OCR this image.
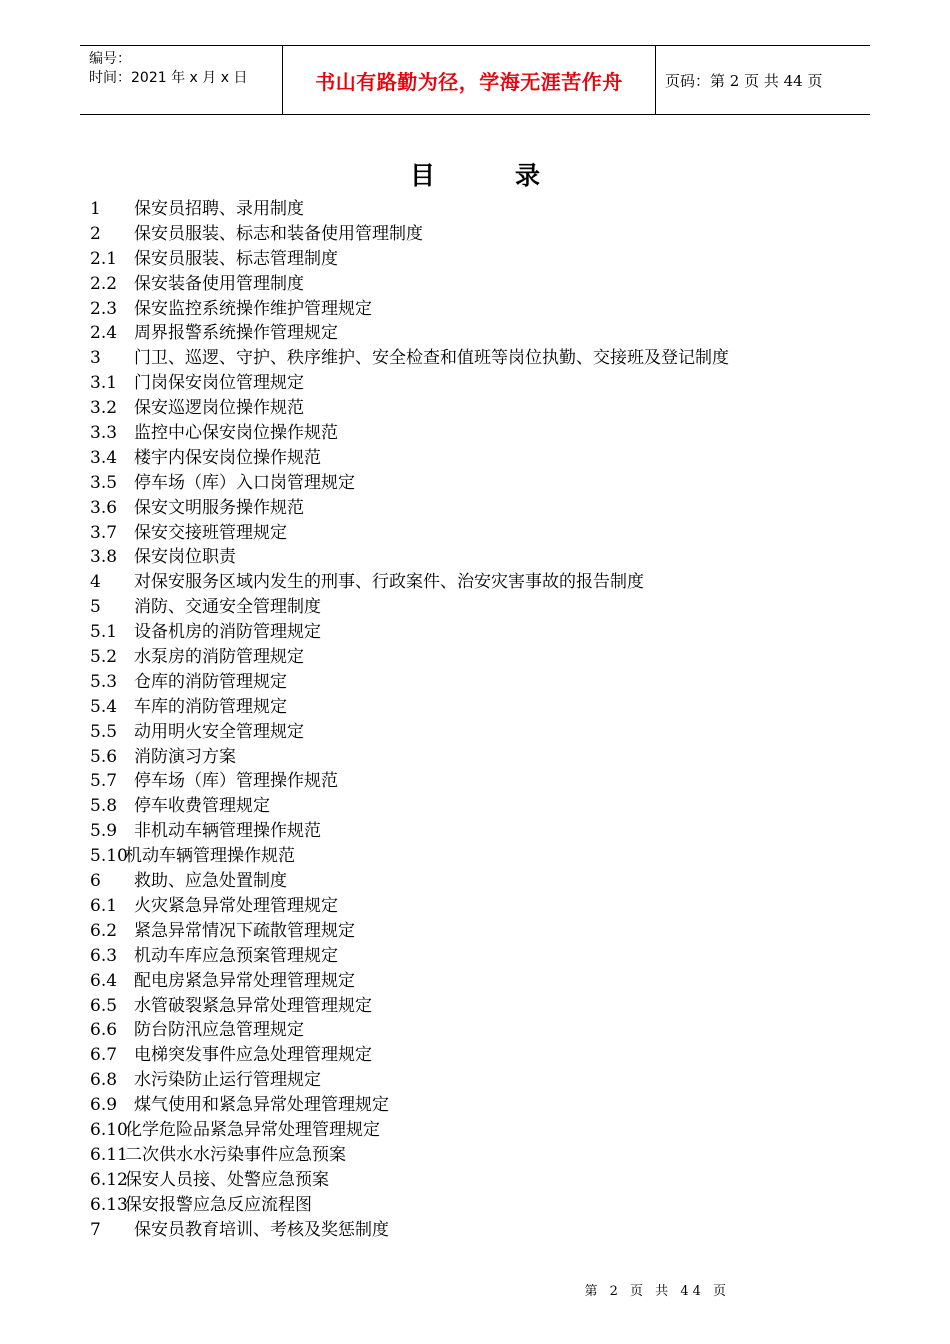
编号：
时间：2021 年 x 月 x 日	书山有路勤为径，学海无涯苦作舟	页码：第 2 页 共 44 页
目录
1 保安员招聘、录用制度
2 保安员服装、标志和装备使用管理制度
2.1 保安员服装、标志管理制度
2.2 保安装备使用管理制度
2.3 保安监控系统操作维护管理规定
2.4 周界报警系统操作管理规定
3 门卫、巡逻、守护、秩序维护、安全检查和值班等岗位执勤、交接班及登记制度
3.1 门岗保安岗位管理规定
3.2 保安巡逻岗位操作规范
3.3 监控中心保安岗位操作规范
3.4 楼宇内保安岗位操作规范
3.5 停车场（库）入口岗管理规定
3.6 保安文明服务操作规范
3.7 保安交接班管理规定
3.8 保安岗位职责
4 对保安服务区域内发生的刑事、行政案件、治安灾害事故的报告制度
5 消防、交通安全管理制度
5.1 设备机房的消防管理规定
5.2 水泵房的消防管理规定
5.3 仓库的消防管理规定
5.4 车库的消防管理规定
5.5 动用明火安全管理规定
5.6 消防演习方案
5.7 停车场（库）管理操作规范
5.8 停车收费管理规定
5.9 非机动车辆管理操作规范
5.10机动车辆管理操作规范
6 救助、应急处置制度
6.1 火灾紧急异常处理管理规定
6.2 紧急异常情况下疏散管理规定
6.3 机动车库应急预案管理规定
6.4 配电房紧急异常处理管理规定
6.5 水管破裂紧急异常处理管理规定
6.6 防台防汛应急管理规定
6.7 电梯突发事件应急处理管理规定
6.8 水污染防止运行管理规定
6.9 煤气使用和紧急异常处理管理规定
6.10化学危险品紧急异常处理管理规定
6.11二次供水水污染事件应急预案
6.12保安人员接、处警应急预案
6.13保安报警应急反应流程图
7 保安员教育培训、考核及奖惩制度
第 2 页 共 44 页
